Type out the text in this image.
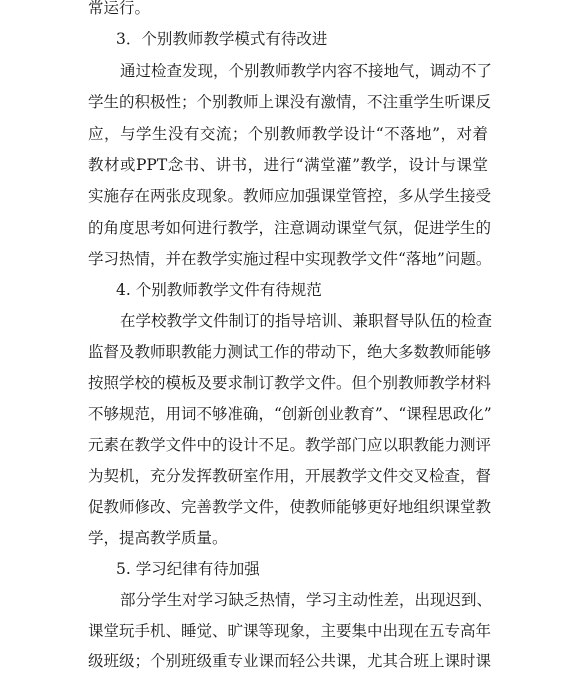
常运行。
3．个别教师教学模式有待改进
通过检查发现，个别教师教学内容不接地气，调动不了
学生的积极性；个别教师上课没有激情，不注重学生听课反
应，与学生没有交流；个别教师教学设计“不落地”，对着
教材或PPT念书、讲书，进行“满堂灌”教学，设计与课堂
实施存在两张皮现象。教师应加强课堂管控，多从学生接受
的角度思考如何进行教学，注意调动课堂气氛，促进学生的
学习热情，并在教学实施过程中实现教学文件“落地”问题。
4. 个别教师教学文件有待规范
在学校教学文件制订的指导培训、兼职督导队伍的检查
监督及教师职教能力测试工作的带动下，绝大多数教师能够
按照学校的模板及要求制订教学文件。但个别教师教学材料
不够规范，用词不够准确，“创新创业教育”、“课程思政化”
元素在教学文件中的设计不足。教学部门应以职教能力测评
为契机，充分发挥教研室作用，开展教学文件交叉检查，督
促教师修改、完善教学文件，使教师能够更好地组织课堂教
学，提高教学质量。
5. 学习纪律有待加强
部分学生对学习缺乏热情，学习主动性差，出现迟到、
课堂玩手机、睡觉、旷课等现象，主要集中出现在五专高年
级班级；个别班级重专业课而轻公共课，尤其合班上课时课
